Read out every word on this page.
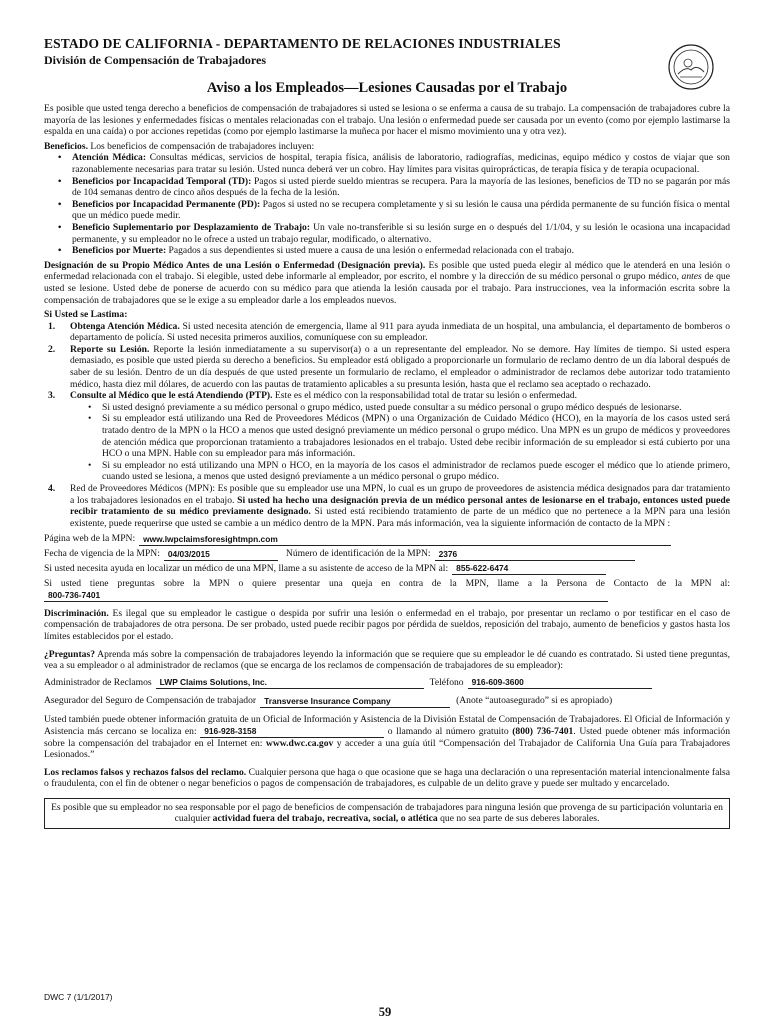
ESTADO DE CALIFORNIA - DEPARTAMENTO DE RELACIONES INDUSTRIALES
División de Compensación de Trabajadores
Aviso a los Empleados—Lesiones Causadas por el Trabajo

Es posible que usted tenga derecho a beneficios de compensación de trabajadores si usted se lesiona o se enferma a causa de su trabajo. La compensación de trabajadores cubre la mayoría de las lesiones y enfermedades físicas o mentales relacionadas con el trabajo. Una lesión o enfermedad puede ser causada por un evento (como por ejemplo lastimarse la espalda en una caída) o por acciones repetidas (como por ejemplo lastimarse la muñeca por hacer el mismo movimiento una y otra vez).

Beneficios. Los beneficios de compensación de trabajadores incluyen:

• Atención Médica: Consultas médicas, servicios de hospital, terapia física, análisis de laboratorio, radiografías, medicinas, equipo médico y costos de viajar que son razonablemente necesarias para tratar su lesión. Usted nunca deberá ver un cobro. Hay límites para visitas quiroprácticas, de terapia física y de terapia ocupacional.
• Beneficios por Incapacidad Temporal (TD): Pagos si usted pierde sueldo mientras se recupera. Para la mayoría de las lesiones, beneficios de TD no se pagarán por más de 104 semanas dentro de cinco años después de la fecha de la lesión.
• Beneficios por Incapacidad Permanente (PD): Pagos si usted no se recupera completamente y si su lesión le causa una pérdida permanente de su función física o mental que un médico puede medir.
• Beneficio Suplementario por Desplazamiento de Trabajo: Un vale no-transferible si su lesión surge en o después del 1/1/04, y su lesión le ocasiona una incapacidad permanente, y su empleador no le ofrece a usted un trabajo regular, modificado, o alternativo.
• Beneficios por Muerte: Pagados a sus dependientes si usted muere a causa de una lesión o enfermedad relacionada con el trabajo.

Designación de su Propio Médico Antes de una Lesión o Enfermedad (Designación previa). Es posible que usted pueda elegir al médico que le atenderá en una lesión o enfermedad relacionada con el trabajo. Si elegible, usted debe informarle al empleador, por escrito, el nombre y la dirección de su médico personal o grupo médico, antes de que usted se lesione. Usted debe de ponerse de acuerdo con su médico para que atienda la lesión causada por el trabajo. Para instrucciones, vea la información escrita sobre la compensación de trabajadores que se le exige a su empleador darle a los empleados nuevos.

Si Usted se Lastima:

1. Obtenga Atención Médica. Si usted necesita atención de emergencia, llame al 911 para ayuda inmediata de un hospital, una ambulancia, el departamento de bomberos o departamento de policía. Si usted necesita primeros auxilios, comuníquese con su empleador.
2. Reporte su Lesión. Reporte la lesión inmediatamente a su supervisor(a) o a un representante del empleador. No se demore. Hay límites de tiempo. Si usted espera demasiado, es posible que usted pierda su derecho a beneficios. Su empleador está obligado a proporcionarle un formulario de reclamo dentro de un día laboral después de saber de su lesión. Dentro de un día después de que usted presente un formulario de reclamo, el empleador o administrador de reclamos debe autorizar todo tratamiento médico, hasta diez mil dólares, de acuerdo con las pautas de tratamiento aplicables a su presunta lesión, hasta que el reclamo sea aceptado o rechazado.
3. Consulte al Médico que le está Atendiendo (PTP). Este es el médico con la responsabilidad total de tratar su lesión o enfermedad.
• Si usted designó previamente a su médico personal o grupo médico, usted puede consultar a su médico personal o grupo médico después de lesionarse.
• Si su empleador está utilizando una Red de Proveedores Médicos (MPN) o una Organización de Cuidado Médico (HCO), en la mayoría de los casos usted será tratado dentro de la MPN o la HCO a menos que usted designó previamente un médico personal o grupo médico. Una MPN es un grupo de médicos y proveedores de atención médica que proporcionan tratamiento a trabajadores lesionados en el trabajo. Usted debe recibir información de su empleador si está cubierto por una HCO o una MPN. Hable con su empleador para más información.
• Si su empleador no está utilizando una MPN o HCO, en la mayoría de los casos el administrador de reclamos puede escoger el médico que lo atiende primero, cuando usted se lesiona, a menos que usted designó previamente a un médico personal o grupo médico.
4. Red de Proveedores Médicos (MPN): Es posible que su empleador use una MPN, lo cual es un grupo de proveedores de asistencia médica designados para dar tratamiento a los trabajadores lesionados en el trabajo. Si usted ha hecho una designación previa de un médico personal antes de lesionarse en el trabajo, entonces usted puede recibir tratamiento de su médico previamente designado. Si usted está recibiendo tratamiento de parte de un médico que no pertenece a la MPN para una lesión existente, puede requerirse que usted se cambie a un médico dentro de la MPN. Para más información, vea la siguiente información de contacto de la MPN :
Página web de la MPN: www.lwpclaimsforesightmpn.com
Fecha de vigencia de la MPN: 04/03/2015	Número de identificación de la MPN: 2376
Si usted necesita ayuda en localizar un médico de una MPN, llame a su asistente de acceso de la MPN al: 855-622-6474

Si usted tiene preguntas sobre la MPN o quiere presentar una queja en contra de la MPN, llame a la Persona de Contacto de la MPN al: 800-736-7401

Discriminación. Es ilegal que su empleador le castigue o despida por sufrir una lesión o enfermedad en el trabajo, por presentar un reclamo o por testificar en el caso de compensación de trabajadores de otra persona. De ser probado, usted puede recibir pagos por pérdida de sueldos, reposición del trabajo, aumento de beneficios y gastos hasta los límites establecidos por el estado.

¿Preguntas? Aprenda más sobre la compensación de trabajadores leyendo la información que se requiere que su empleador le dé cuando es contratado. Si usted tiene preguntas, vea a su empleador o al administrador de reclamos (que se encarga de los reclamos de compensación de trabajadores de su empleador):

Administrador de Reclamos LWP Claims Solutions, Inc.	Teléfono 916-609-3600
Asegurador del Seguro de Compensación de trabajador Transverse Insurance Company	(Anote “autoasegurado” si es apropiado)

Usted también puede obtener información gratuita de un Oficial de Información y Asistencia de la División Estatal de Compensación de Trabajadores. El Oficial de Información y Asistencia más cercano se localiza en: 916-928-3158	o llamando al número gratuito (800) 736-7401. Usted puede obtener más información sobre la compensación del trabajador en el Internet en: www.dwc.ca.gov y acceder a una guía útil “Compensación del Trabajador de California Una Guía para Trabajadores Lesionados.”

Los reclamos falsos y rechazos falsos del reclamo. Cualquier persona que haga o que ocasione que se haga una declaración o una representación material intencionalmente falsa o fraudulenta, con el fin de obtener o negar beneficios o pagos de compensación de trabajadores, es culpable de un delito grave y puede ser multado y encarcelado.

Es posible que su empleador no sea responsable por el pago de beneficios de compensación de trabajadores para ninguna lesión que provenga de su participación voluntaria en cualquier actividad fuera del trabajo, recreativa, social, o atlética que no sea parte de sus deberes laborales.
DWC 7 (1/1/2017)
59
